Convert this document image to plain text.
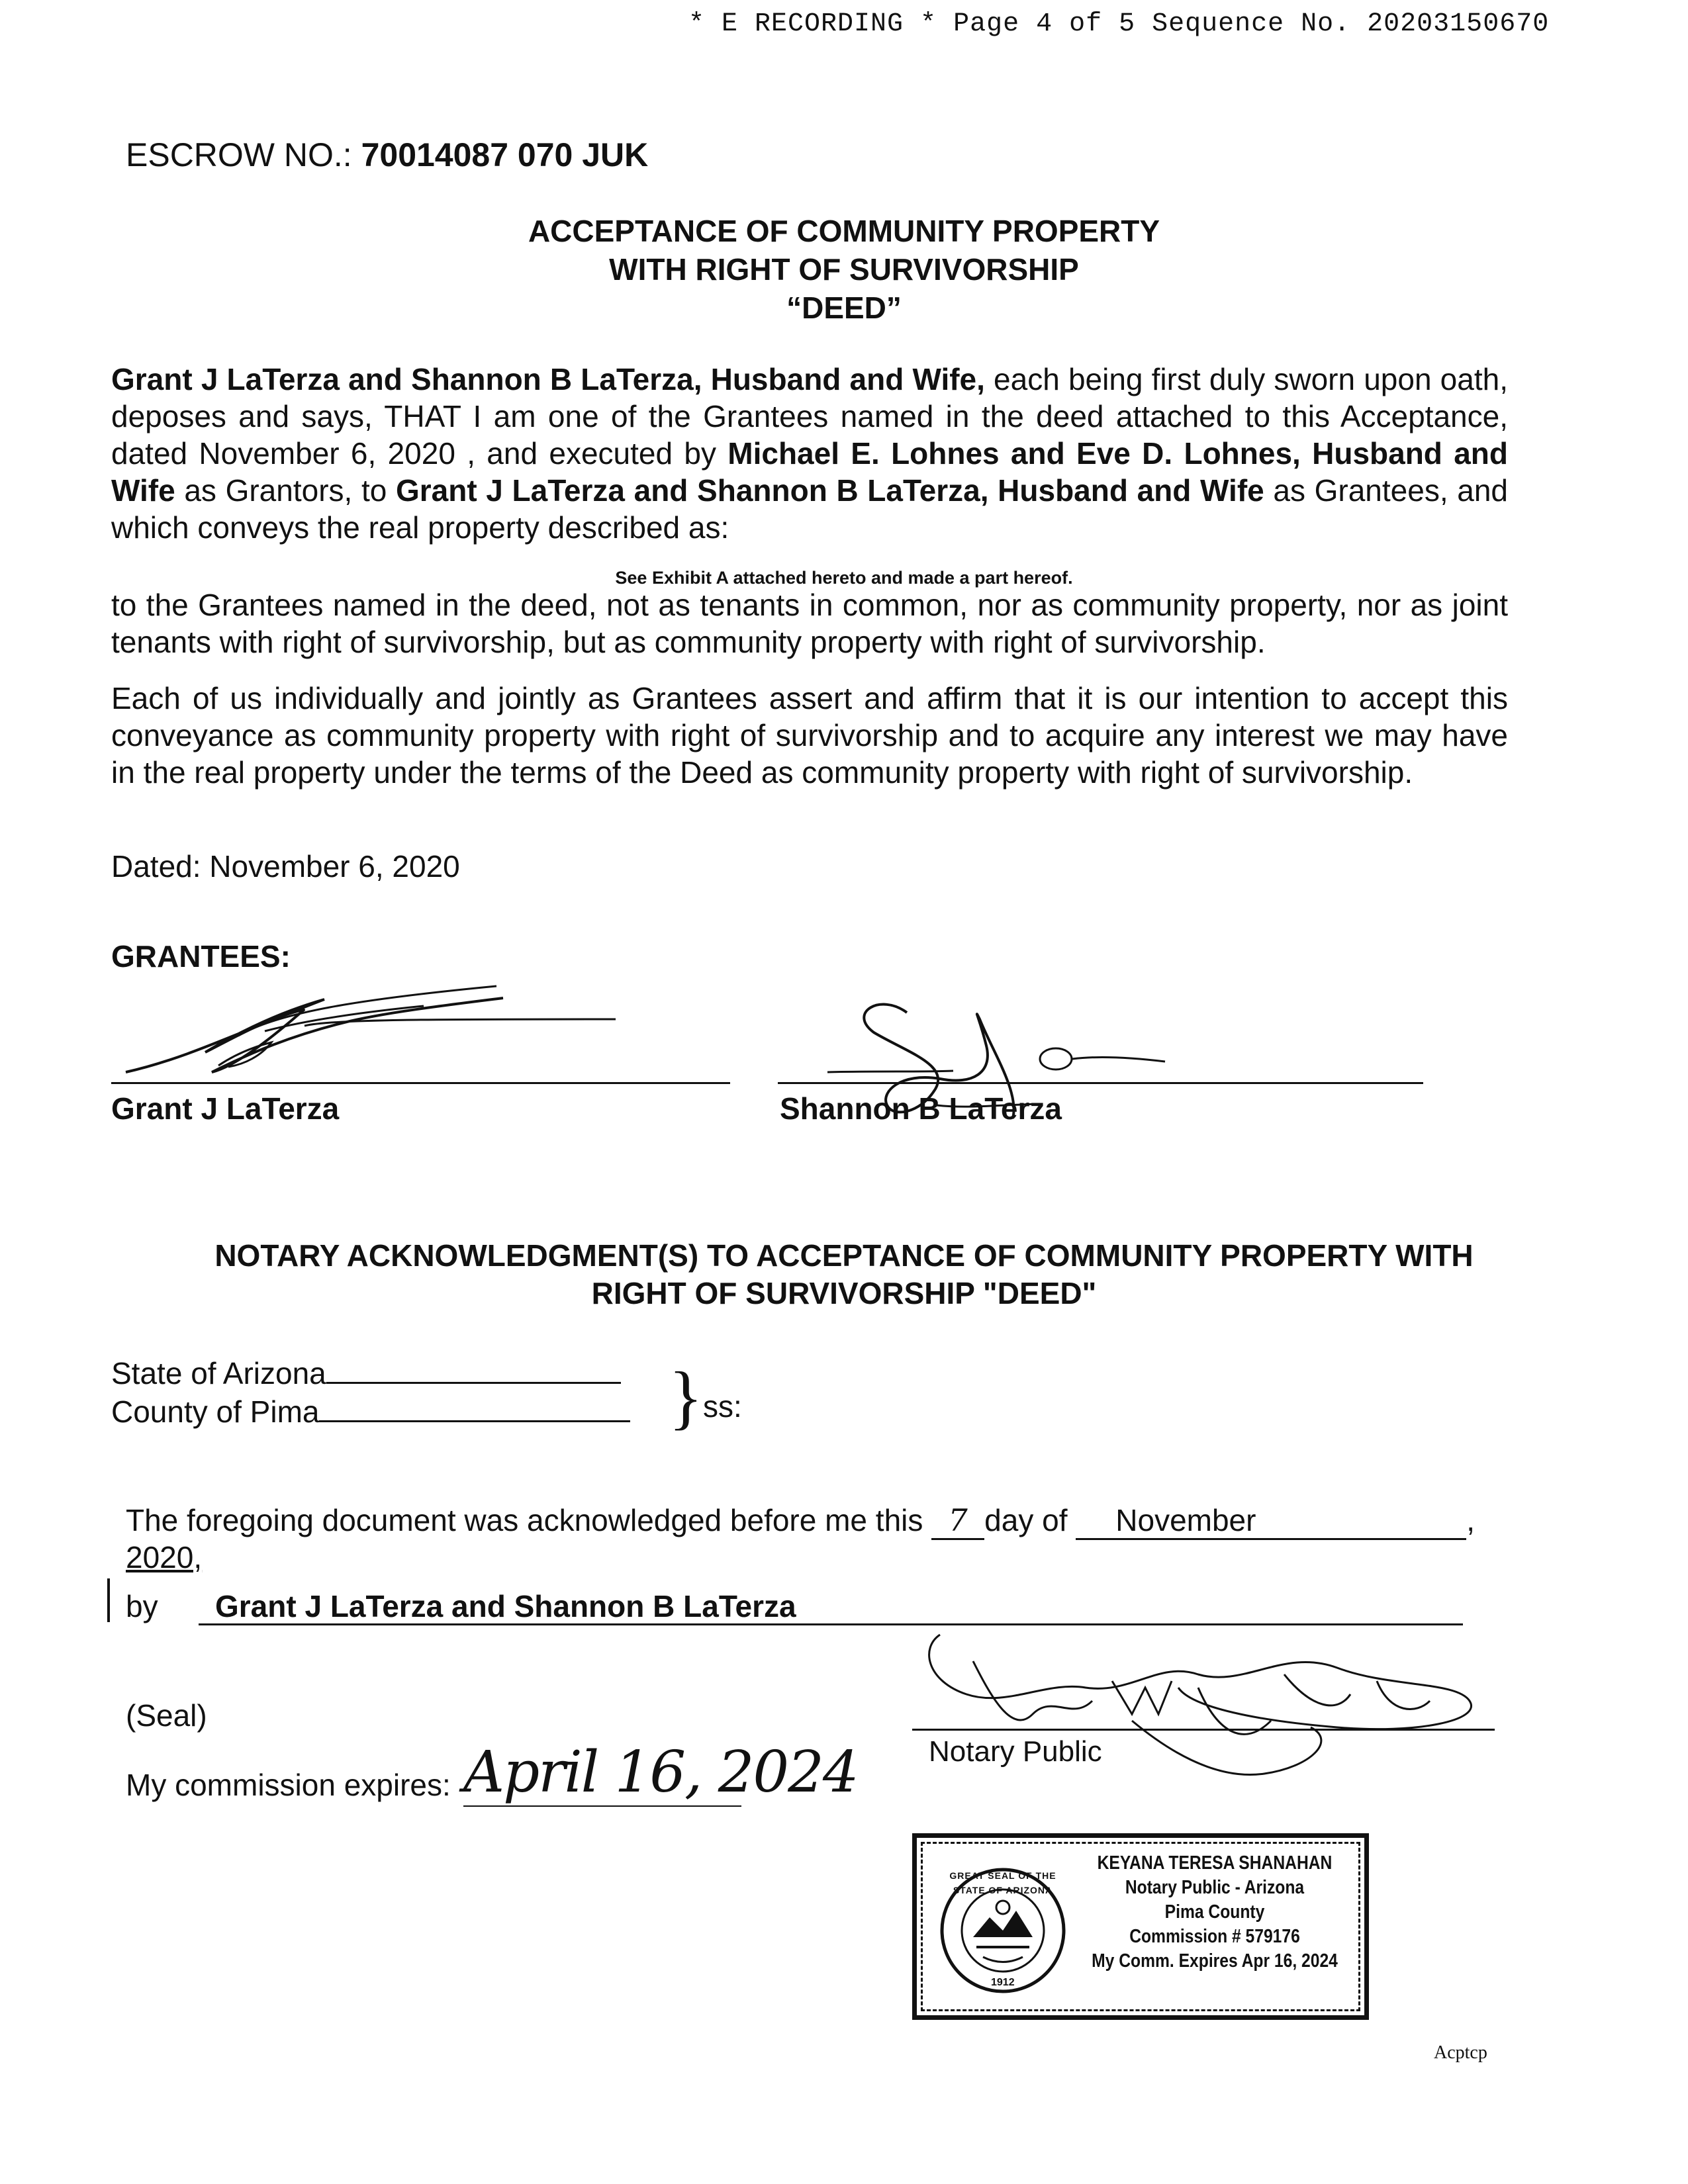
* E RECORDING * Page 4 of 5 Sequence No. 20203150670
ESCROW NO.: 70014087 070 JUK
ACCEPTANCE OF COMMUNITY PROPERTY
WITH RIGHT OF SURVIVORSHIP
“DEED”
Grant J LaTerza and Shannon B LaTerza, Husband and Wife, each being first duly sworn upon oath, deposes and says, THAT I am one of the Grantees named in the deed attached to this Acceptance, dated November 6, 2020 , and executed by Michael E. Lohnes and Eve D. Lohnes, Husband and Wife as Grantors, to Grant J LaTerza and Shannon B LaTerza, Husband and Wife as Grantees, and which conveys the real property described as:
See Exhibit A attached hereto and made a part hereof.
to the Grantees named in the deed, not as tenants in common, nor as community property, nor as joint tenants with right of survivorship, but as community property with right of survivorship.
Each of us individually and jointly as Grantees assert and affirm that it is our intention to accept this conveyance as community property with right of survivorship and to acquire any interest we may have in the real property under the terms of the Deed as community property with right of survivorship.
Dated: November 6, 2020
GRANTEES:
Grant J LaTerza	Shannon B LaTerza
NOTARY ACKNOWLEDGMENT(S) TO ACCEPTANCE OF COMMUNITY PROPERTY WITH
RIGHT OF SURVIVORSHIP "DEED"
State of Arizona
County of Pima	} ss:
The foregoing document was acknowledged before me this 7 day of November	,
2020,
by Grant J LaTerza and Shannon B LaTerza
(Seal)
My commission expires: April 16, 2024 Notary Public
GREAT SEAL OF THE STATE OF ARIZONA
1912
KEYANA TERESA SHANAHAN
Notary Public - Arizona
Pima County
Commission # 579176
My Comm. Expires Apr 16, 2024
Acptcp
